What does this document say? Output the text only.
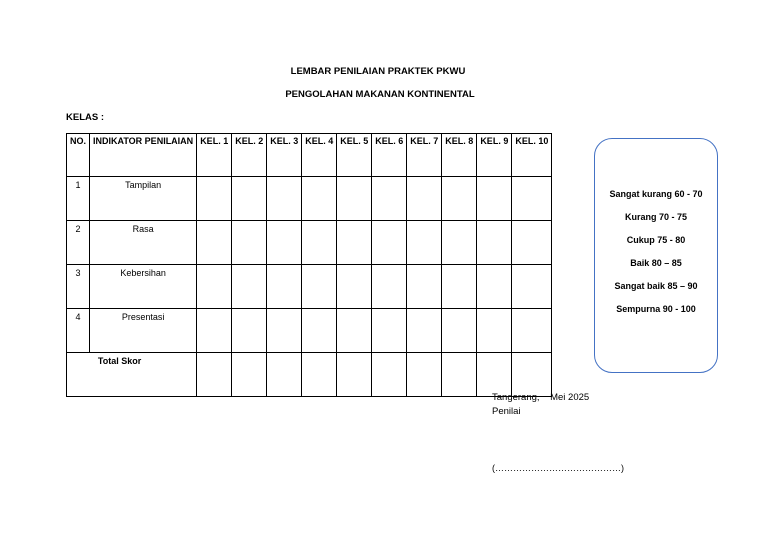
LEMBAR PENILAIAN PRAKTEK PKWU
PENGOLAHAN MAKANAN KONTINENTAL
KELAS :
NO.	INDIKATOR PENILAIAN	KEL. 1	KEL. 2	KEL. 3	KEL. 4	KEL. 5	KEL. 6	KEL. 7	KEL. 8	KEL. 9	KEL. 10
1	Tampilan										
2	Rasa										
3	Kebersihan										
4	Presentasi										
Total Skor											
Sangat kurang 60 - 70
Kurang 70 - 75
Cukup 75 - 80
Baik 80 – 85
Sangat baik 85 – 90
Sempurna 90 - 100
Tangerang,    Mei 2025
Penilai
(……………………………………)
